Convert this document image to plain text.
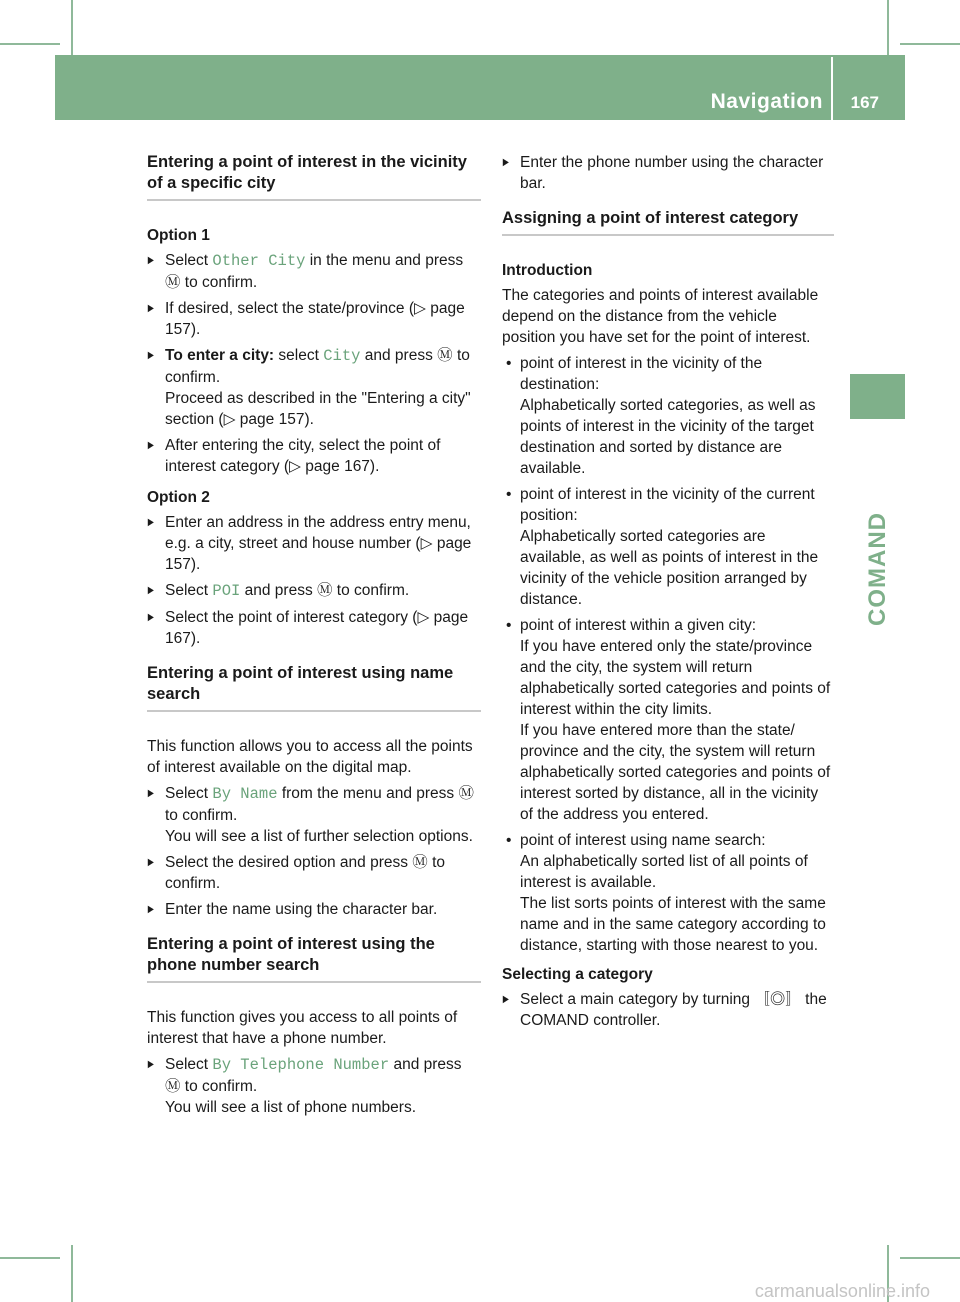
Navigation 167
COMAND
Entering a point of interest in the vicinity of a specific city
Option 1
▶ Select Other City in the menu and press Ⓜ to confirm.
▶ If desired, select the state/province (▷ page 157).
▶ To enter a city: select City and press Ⓜ to confirm.
Proceed as described in the "Entering a city" section (▷ page 157).
▶ After entering the city, select the point of interest category (▷ page 167).
Option 2
▶ Enter an address in the address entry menu, e.g. a city, street and house number (▷ page 157).
▶ Select POI and press Ⓜ to confirm.
▶ Select the point of interest category (▷ page 167).
Entering a point of interest using name search

This function allows you to access all the points of interest available on the digital map.

▶ Select By Name from the menu and press Ⓜ to confirm.
You will see a list of further selection options.
▶ Select the desired option and press Ⓜ to confirm.
▶ Enter the name using the character bar.
Entering a point of interest using the phone number search

This function gives you access to all points of interest that have a phone number.

▶ Select By Telephone Number and press Ⓜ to confirm.
You will see a list of phone numbers.
▶ Enter the phone number using the character bar.
Assigning a point of interest category
Introduction

The categories and points of interest available depend on the distance from the vehicle position you have set for the point of interest.

• point of interest in the vicinity of the destination:
Alphabetically sorted categories, as well as points of interest in the vicinity of the target destination and sorted by distance are available.
• point of interest in the vicinity of the current position:
Alphabetically sorted categories are available, as well as points of interest in the vicinity of the vehicle position arranged by distance.
• point of interest within a given city:
If you have entered only the state/province and the city, the system will return alphabetically sorted categories and points of interest within the city limits.
If you have entered more than the state/ province and the city, the system will return alphabetically sorted categories and points of interest sorted by distance, all in the vicinity of the address you entered.
• point of interest using name search:
An alphabetically sorted list of all points of interest is available.
The list sorts points of interest with the same name and in the same category according to distance, starting with those nearest to you.
Selecting a category
▶ Select a main category by turning 〚◎〛 the COMAND controller.
carmanualsonline.info
